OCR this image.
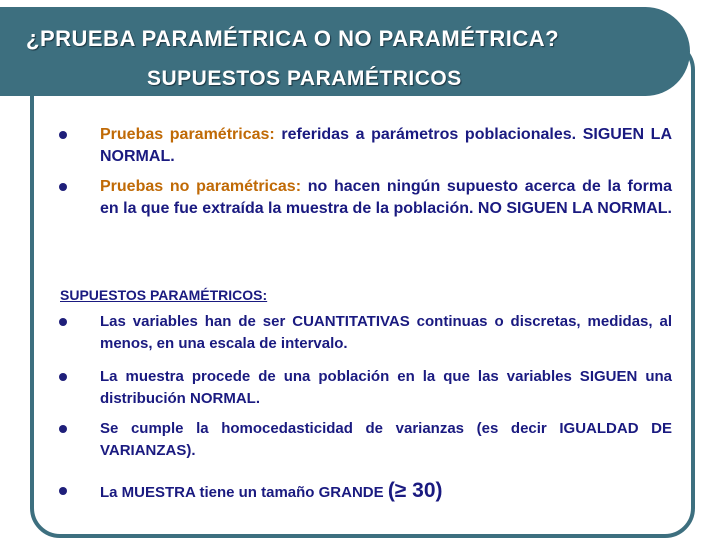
¿PRUEBA PARAMÉTRICA O NO PARAMÉTRICA?
SUPUESTOS PARAMÉTRICOS
Pruebas paramétricas: referidas a parámetros poblacionales. SIGUEN LA NORMAL.
Pruebas no paramétricas: no hacen ningún supuesto acerca de la forma en la que fue extraída la muestra de la población. NO SIGUEN LA NORMAL.
SUPUESTOS PARAMÉTRICOS:
Las variables han de ser CUANTITATIVAS continuas o discretas, medidas, al menos, en una escala de intervalo.
La muestra procede de una población en la que las variables SIGUEN una distribución NORMAL.
Se cumple la homocedasticidad de varianzas (es decir IGUALDAD DE VARIANZAS).
La MUESTRA tiene un tamaño GRANDE (≥ 30)
